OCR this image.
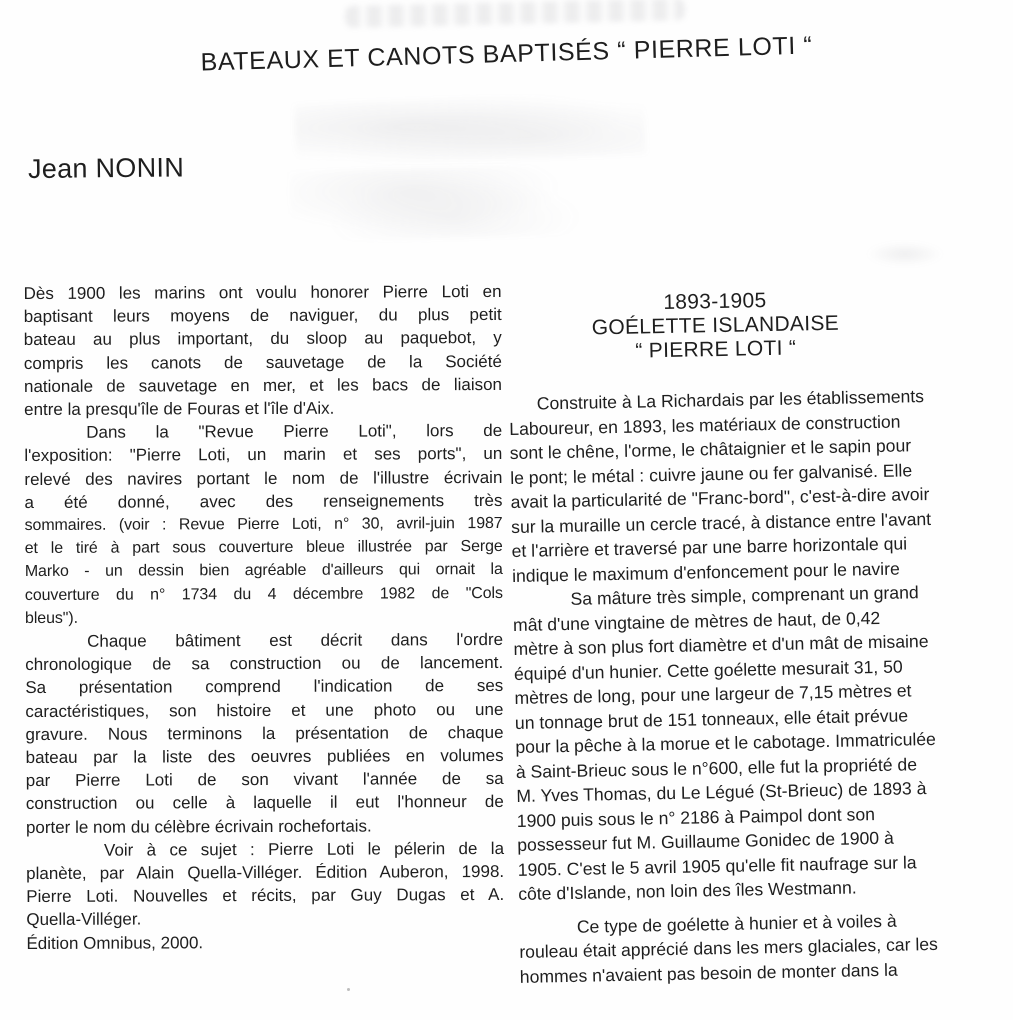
BATEAUX ET CANOTS BAPTISÉS “ PIERRE LOTI “
Jean NONIN

Dès 1900 les marins ont voulu honorer Pierre Loti en
baptisant leurs moyens de naviguer, du plus petit
bateau au plus important, du sloop au paquebot, y
compris les canots de sauvetage de la Société
nationale de sauvetage en mer, et les bacs de liaison
entre la presqu'île de Fouras et l'île d'Aix.

Dans la "Revue Pierre Loti", lors de
l'exposition: "Pierre Loti, un marin et ses ports", un
relevé des navires portant le nom de l'illustre écrivain
a été donné, avec des renseignements très
sommaires. (voir : Revue Pierre Loti, n° 30, avril-juin 1987
et le tiré à part sous couverture bleue illustrée par Serge
Marko - un dessin bien agréable d'ailleurs qui ornait la
couverture du n° 1734 du 4 décembre 1982 de "Cols
bleus").

Chaque bâtiment est décrit dans l'ordre
chronologique de sa construction ou de lancement.
Sa présentation comprend l'indication de ses
caractéristiques, son histoire et une photo ou une
gravure. Nous terminons la présentation de chaque
bateau par la liste des oeuvres publiées en volumes
par Pierre Loti de son vivant l'année de sa
construction ou celle à laquelle il eut l'honneur de
porter le nom du célèbre écrivain rochefortais.

Voir à ce sujet : Pierre Loti le pélerin de la
planète, par Alain Quella-Villéger. Édition Auberon, 1998.
Pierre Loti. Nouvelles et récits, par Guy Dugas et A.
Quella-Villéger.
Édition Omnibus, 2000.

1893-1905
GOÉLETTE ISLANDAISE
“ PIERRE LOTI “

Construite à La Richardais par les établissements
Laboureur, en 1893, les matériaux de construction
sont le chêne, l'orme, le châtaignier et le sapin pour
le pont; le métal : cuivre jaune ou fer galvanisé. Elle
avait la particularité de "Franc-bord", c'est-à-dire avoir
sur la muraille un cercle tracé, à distance entre l'avant
et l'arrière et traversé par une barre horizontale qui
indique le maximum d'enfoncement pour le navire

Sa mâture très simple, comprenant un grand
mât d'une vingtaine de mètres de haut, de 0,42
mètre à son plus fort diamètre et d'un mât de misaine
équipé d'un hunier. Cette goélette mesurait 31, 50
mètres de long, pour une largeur de 7,15 mètres et
un tonnage brut de 151 tonneaux, elle était prévue
pour la pêche à la morue et le cabotage. Immatriculée
à Saint-Brieuc sous le n°600, elle fut la propriété de
M. Yves Thomas, du Le Légué (St-Brieuc) de 1893 à
1900 puis sous le n° 2186 à Paimpol dont son
possesseur fut M. Guillaume Gonidec de 1900 à
1905. C'est le 5 avril 1905 qu'elle fit naufrage sur la
côte d'Islande, non loin des îles Westmann.

Ce type de goélette à hunier et à voiles à
rouleau était apprécié dans les mers glaciales, car les
hommes n'avaient pas besoin de monter dans la
